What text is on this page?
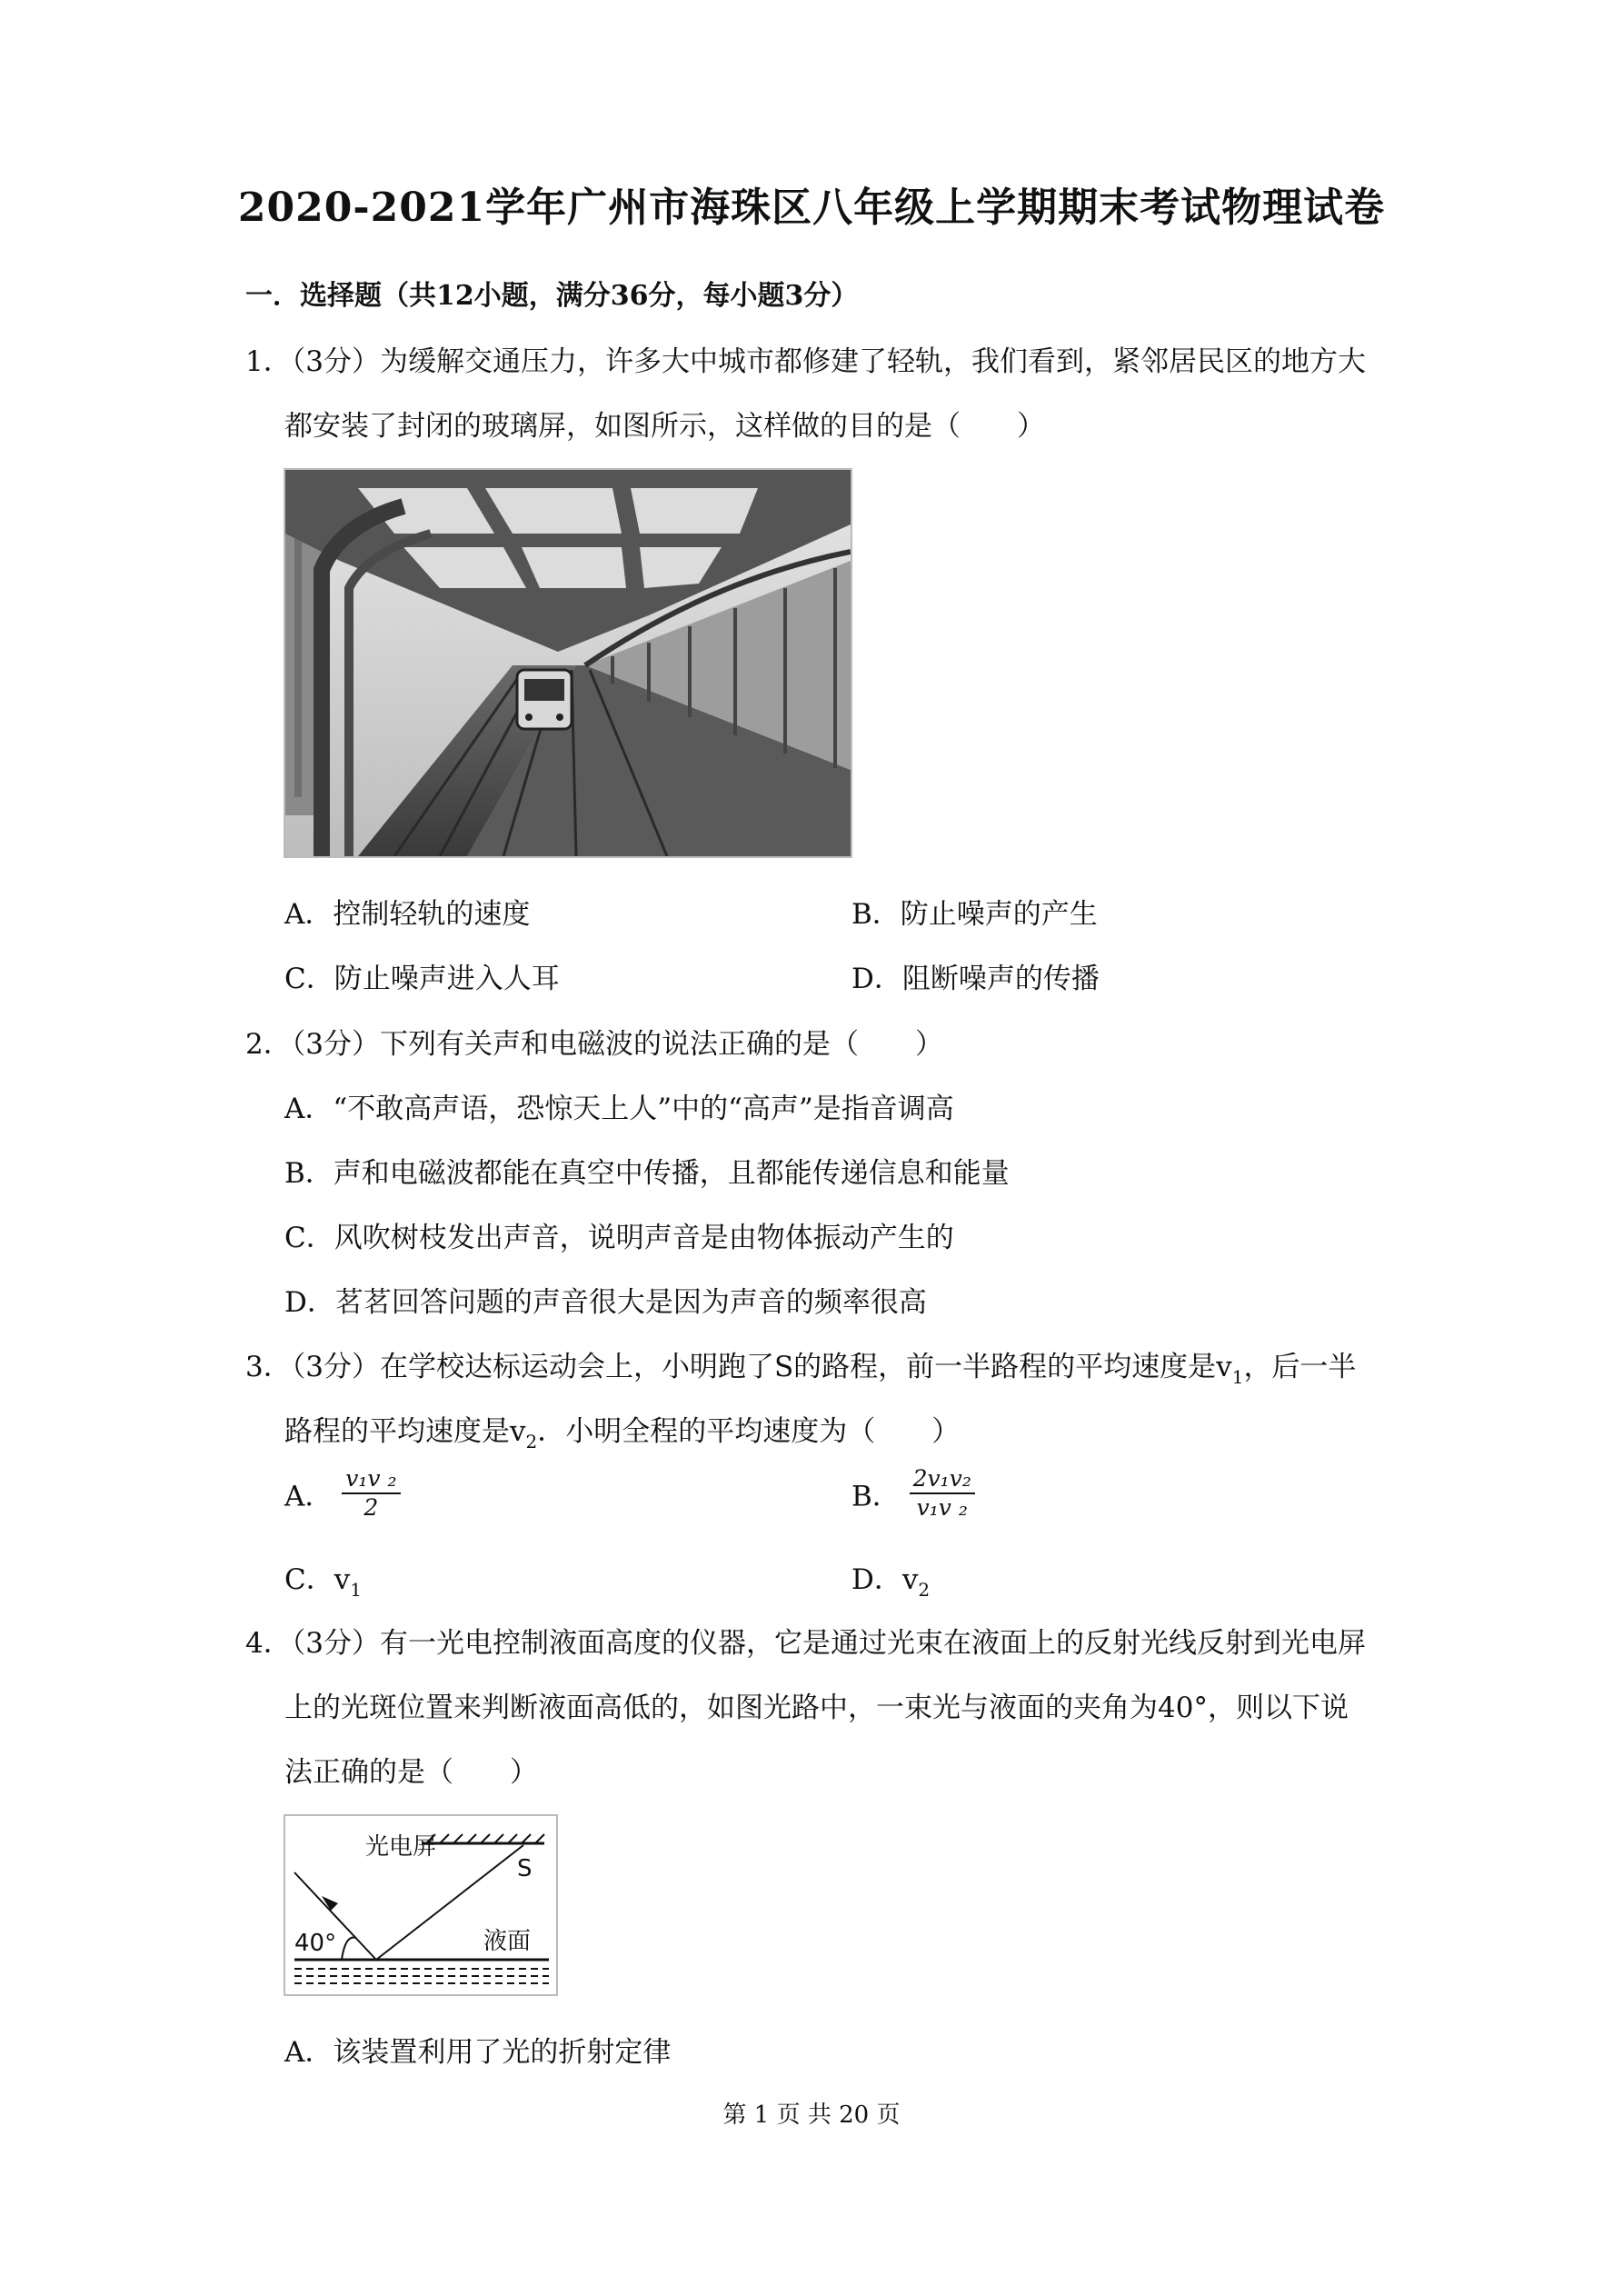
2020-2021学年广州市海珠区八年级上学期期末考试物理试卷
一．选择题（共12小题，满分36分，每小题3分）
1．（3分）为缓解交通压力，许多大中城市都修建了轻轨，我们看到，紧邻居民区的地方大
都安装了封闭的玻璃屏，如图所示，这样做的目的是（　　）
A．控制轻轨的速度	B．防止噪声的产生
C．防止噪声进入人耳	D．阻断噪声的传播
2．（3分）下列有关声和电磁波的说法正确的是（　　）
A．“不敢高声语，恐惊天上人”中的“高声”是指音调高
B．声和电磁波都能在真空中传播，且都能传递信息和能量
C．风吹树枝发出声音，说明声音是由物体振动产生的
D．茗茗回答问题的声音很大是因为声音的频率很高
3．（3分）在学校达标运动会上，小明跑了S的路程，前一半路程的平均速度是$v_1$，后一半
路程的平均速度是$v_2$．小明全程的平均速度为（　　）
A． $\frac{\text{v₁v ₂}}{2}$	B． $\frac{\text{2v₁v₂}}{\text{v₁v ₂}}$
C．$v_1$	D．$v_2$
4．（3分）有一光电控制液面高度的仪器，它是通过光束在液面上的反射光线反射到光电屏
上的光斑位置来判断液面高低的，如图光路中，一束光与液面的夹角为40°，则以下说
法正确的是（　　）
光电屏
S
40°	液面
A．该装置利用了光的折射定律
第 1 页 共 20 页
